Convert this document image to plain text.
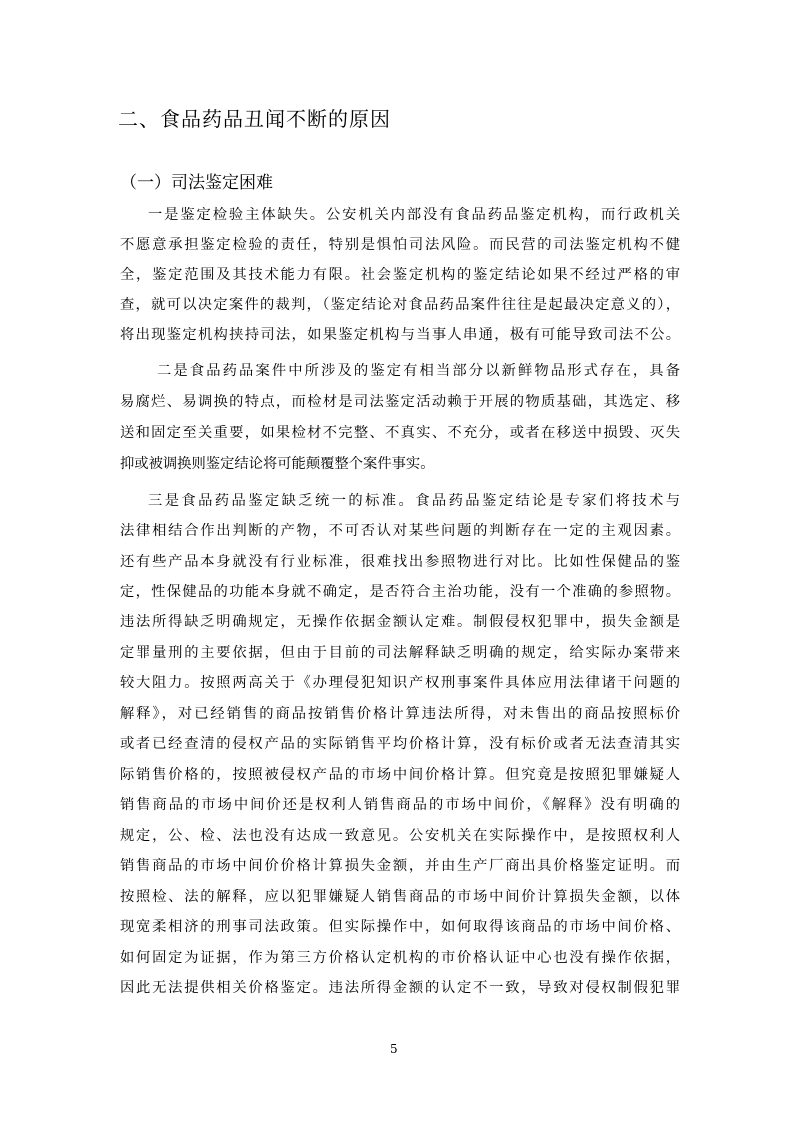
二、食品药品丑闻不断的原因
（一）司法鉴定困难
一是鉴定检验主体缺失。公安机关内部没有食品药品鉴定机构，而行政机关
不愿意承担鉴定检验的责任，特别是惧怕司法风险。而民营的司法鉴定机构不健
全，鉴定范围及其技术能力有限。社会鉴定机构的鉴定结论如果不经过严格的审
查，就可以决定案件的裁判，（鉴定结论对食品药品案件往往是起最决定意义的），
将出现鉴定机构挟持司法，如果鉴定机构与当事人串通，极有可能导致司法不公。
二是食品药品案件中所涉及的鉴定有相当部分以新鲜物品形式存在，具备
易腐烂、易调换的特点，而检材是司法鉴定活动赖于开展的物质基础，其选定、移
送和固定至关重要，如果检材不完整、不真实、不充分，或者在移送中损毁、灭失
抑或被调换则鉴定结论将可能颠覆整个案件事实。
三是食品药品鉴定缺乏统一的标准。食品药品鉴定结论是专家们将技术与
法律相结合作出判断的产物，不可否认对某些问题的判断存在一定的主观因素。
还有些产品本身就没有行业标准，很难找出参照物进行对比。比如性保健品的鉴
定，性保健品的功能本身就不确定，是否符合主治功能，没有一个准确的参照物。
违法所得缺乏明确规定，无操作依据金额认定难。制假侵权犯罪中，损失金额是
定罪量刑的主要依据，但由于目前的司法解释缺乏明确的规定，给实际办案带来
较大阻力。按照两高关于《办理侵犯知识产权刑事案件具体应用法律诸干问题的
解释》，对已经销售的商品按销售价格计算违法所得，对未售出的商品按照标价
或者已经查清的侵权产品的实际销售平均价格计算，没有标价或者无法查清其实
际销售价格的，按照被侵权产品的市场中间价格计算。但究竟是按照犯罪嫌疑人
销售商品的市场中间价还是权利人销售商品的市场中间价，《解释》没有明确的
规定，公、检、法也没有达成一致意见。公安机关在实际操作中，是按照权利人
销售商品的市场中间价价格计算损失金额，并由生产厂商出具价格鉴定证明。而
按照检、法的解释，应以犯罪嫌疑人销售商品的市场中间价计算损失金额，以体
现宽柔相济的刑事司法政策。但实际操作中，如何取得该商品的市场中间价格、
如何固定为证据，作为第三方价格认定机构的市价格认证中心也没有操作依据，
因此无法提供相关价格鉴定。违法所得金额的认定不一致，导致对侵权制假犯罪
5
